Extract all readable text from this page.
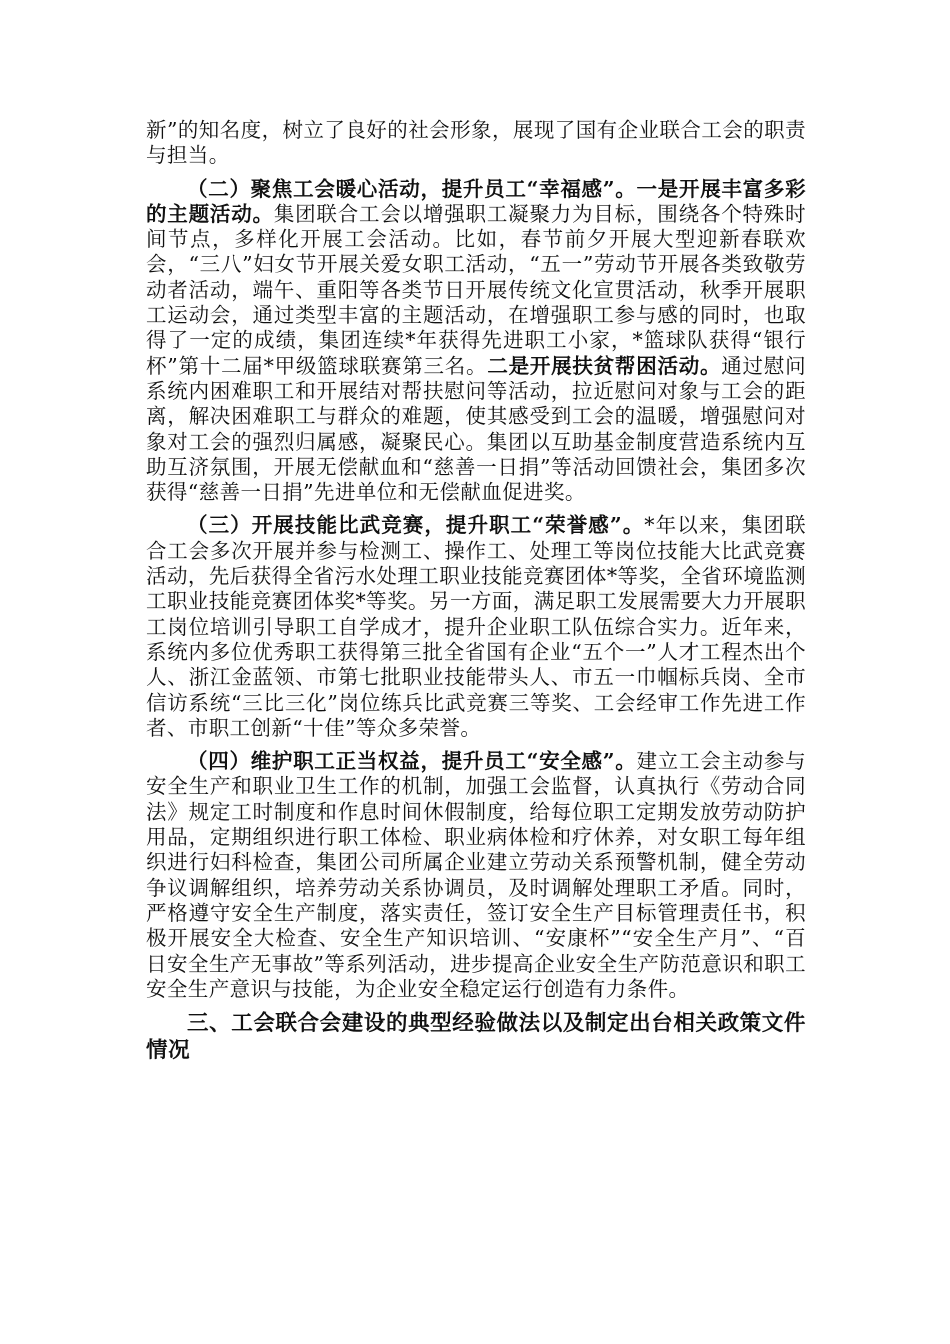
新”的知名度，树立了良好的社会形象，展现了国有企业联合工会的职责与担当。

（二）聚焦工会暖心活动，提升员工“幸福感”。一是开展丰富多彩的主题活动。集团联合工会以增强职工凝聚力为目标，围绕各个特殊时间节点，多样化开展工会活动。比如，春节前夕开展大型迎新春联欢会，“三八”妇女节开展关爱女职工活动，“五一”劳动节开展各类致敬劳动者活动，端午、重阳等各类节日开展传统文化宣贯活动，秋季开展职工运动会，通过类型丰富的主题活动，在增强职工参与感的同时，也取得了一定的成绩，集团连续*年获得先进职工小家，*篮球队获得“银行杯”第十二届*甲级篮球联赛第三名。二是开展扶贫帮困活动。通过慰问系统内困难职工和开展结对帮扶慰问等活动，拉近慰问对象与工会的距离，解决困难职工与群众的难题，使其感受到工会的温暖，增强慰问对象对工会的强烈归属感，凝聚民心。集团以互助基金制度营造系统内互助互济氛围，开展无偿献血和“慈善一日捐”等活动回馈社会，集团多次获得“慈善一日捐”先进单位和无偿献血促进奖。

（三）开展技能比武竞赛，提升职工“荣誉感”。*年以来，集团联合工会多次开展并参与检测工、操作工、处理工等岗位技能大比武竞赛活动，先后获得全省污水处理工职业技能竞赛团体*等奖，全省环境监测工职业技能竞赛团体奖*等奖。另一方面，满足职工发展需要大力开展职工岗位培训引导职工自学成才，提升企业职工队伍综合实力。近年来，系统内多位优秀职工获得第三批全省国有企业“五个一”人才工程杰出个人、浙江金蓝领、市第七批职业技能带头人、市五一巾帼标兵岗、全市信访系统“三比三化”岗位练兵比武竞赛三等奖、工会经审工作先进工作者、市职工创新“十佳”等众多荣誉。

（四）维护职工正当权益，提升员工“安全感”。建立工会主动参与安全生产和职业卫生工作的机制，加强工会监督，认真执行《劳动合同法》规定工时制度和作息时间休假制度，给每位职工定期发放劳动防护用品，定期组织进行职工体检、职业病体检和疗休养，对女职工每年组织进行妇科检查，集团公司所属企业建立劳动关系预警机制，健全劳动争议调解组织，培养劳动关系协调员，及时调解处理职工矛盾。同时，严格遵守安全生产制度，落实责任，签订安全生产目标管理责任书，积极开展安全大检查、安全生产知识培训、“安康杯”“安全生产月”、“百日安全生产无事故”等系列活动，进步提高企业安全生产防范意识和职工安全生产意识与技能，为企业安全稳定运行创造有力条件。

三、工会联合会建设的典型经验做法以及制定出台相关政策文件情况
